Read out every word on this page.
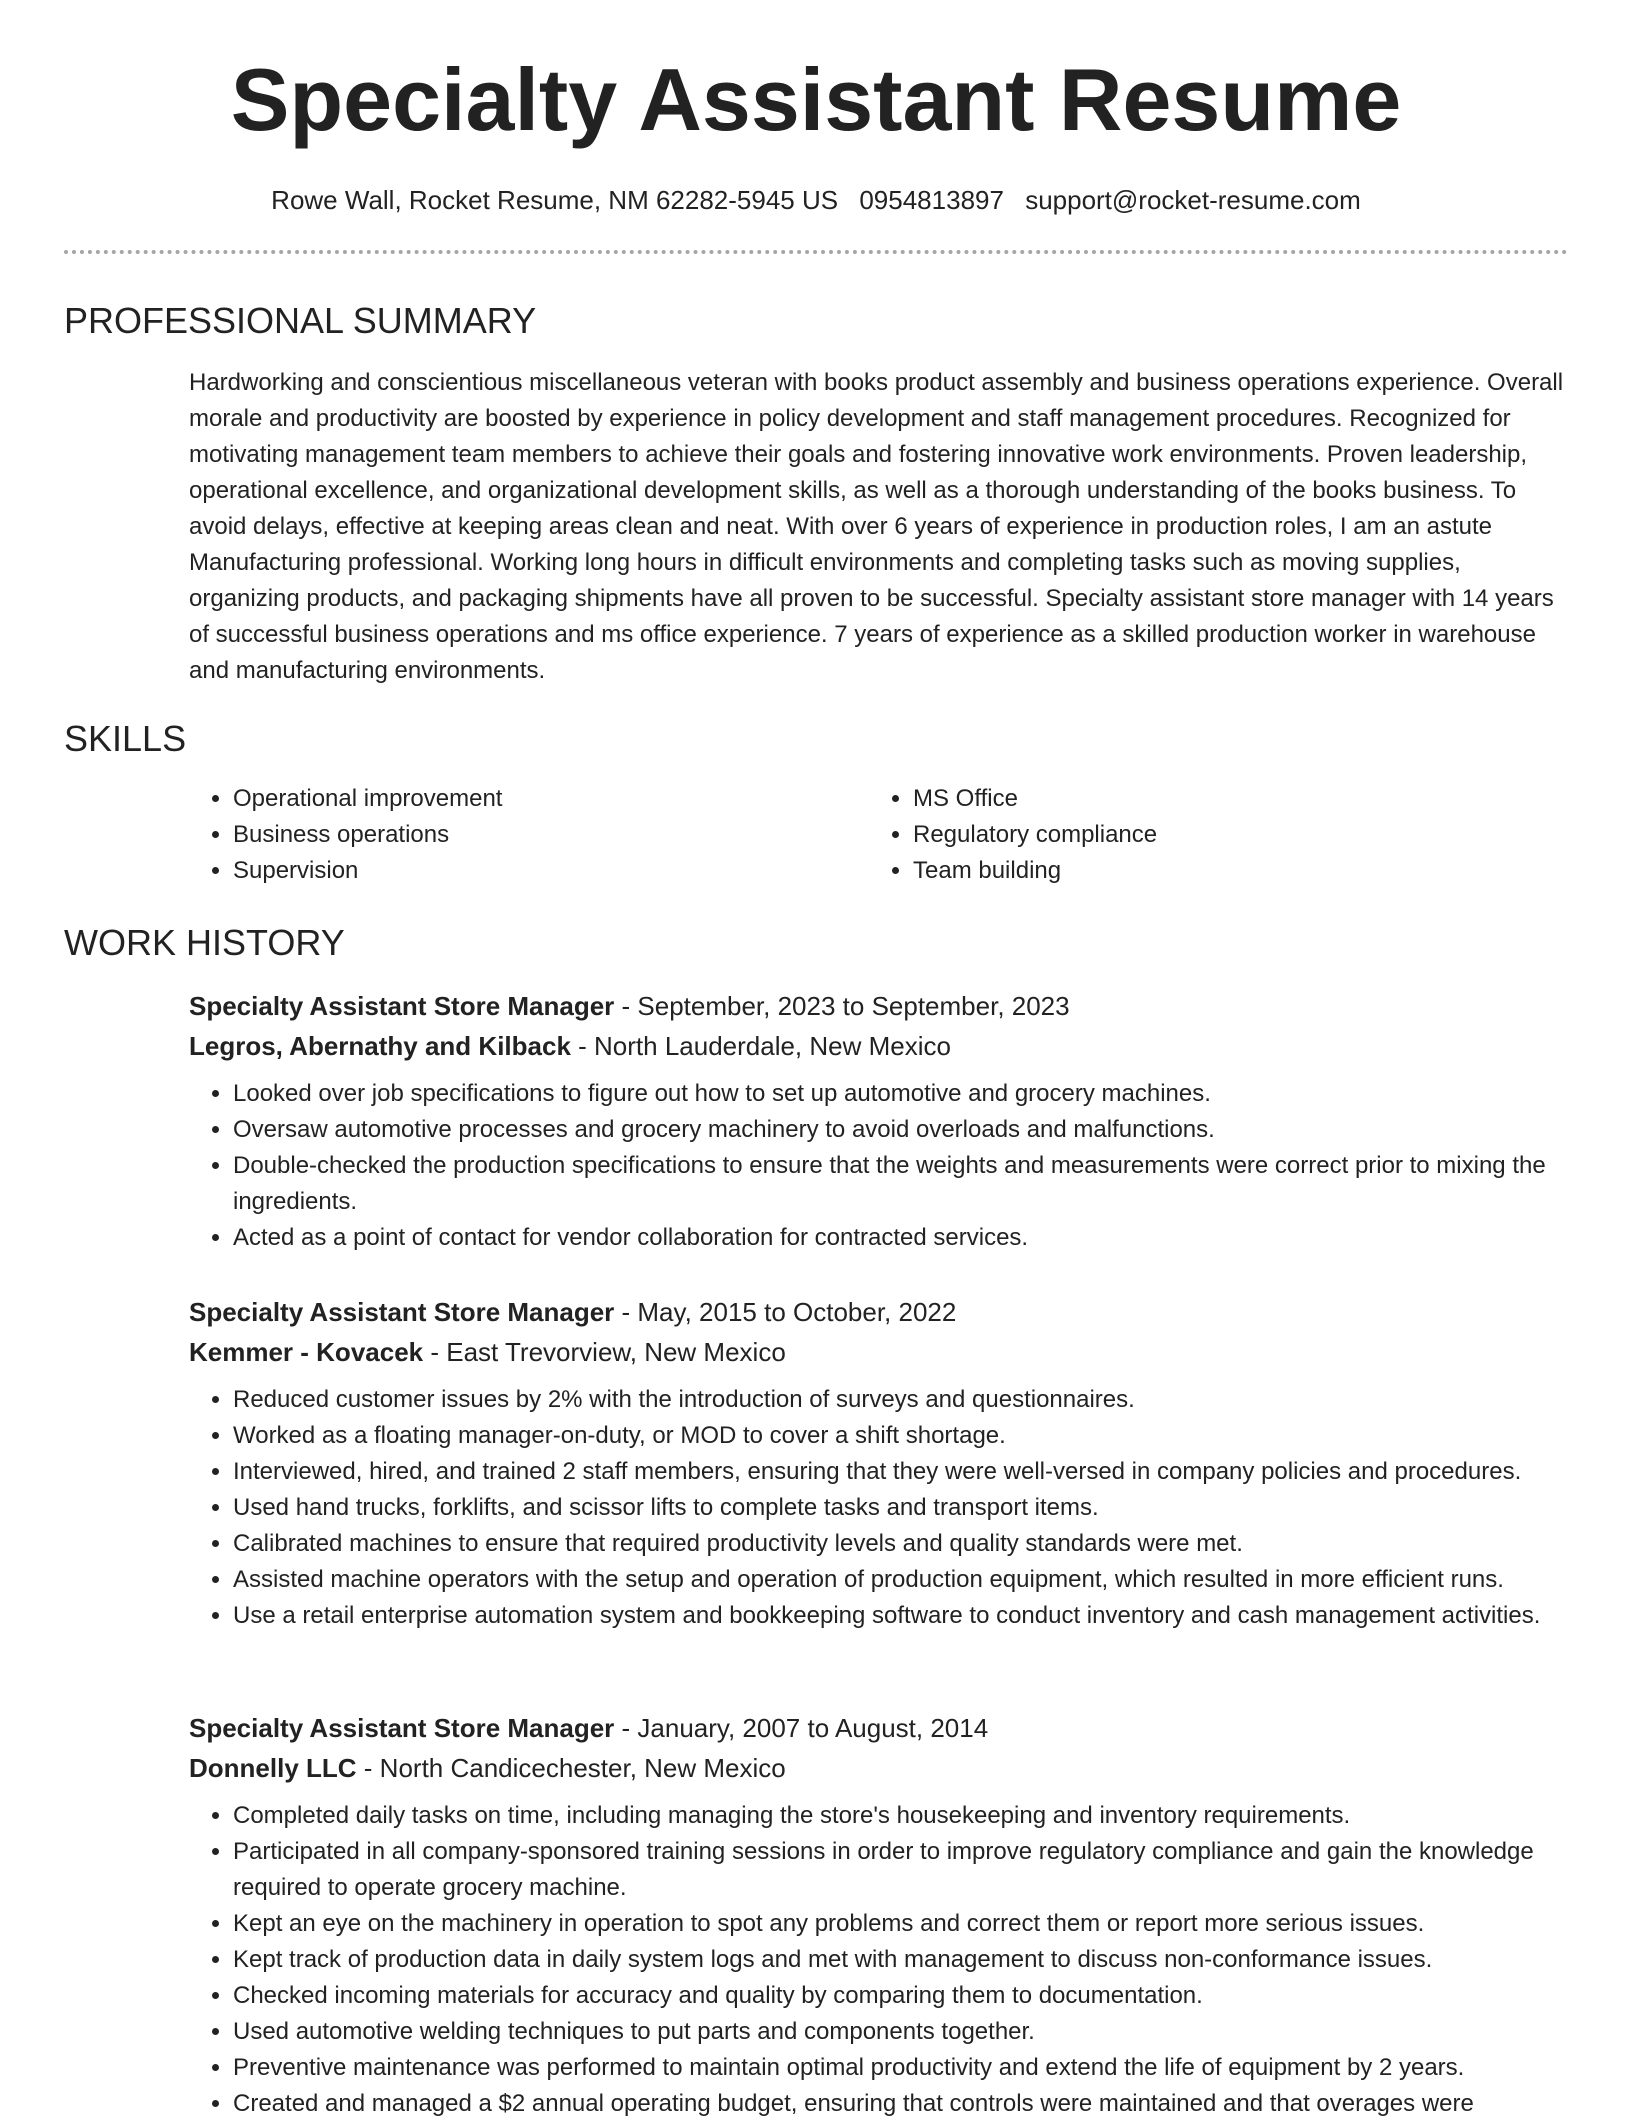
Specialty Assistant Resume
Rowe Wall, Rocket Resume, NM 62282-5945 US 0954813897 support@rocket-resume.com
PROFESSIONAL SUMMARY

Hardworking and conscientious miscellaneous veteran with books product assembly and business operations experience. Overall morale and productivity are boosted by experience in policy development and staff management procedures. Recognized for motivating management team members to achieve their goals and fostering innovative work environments. Proven leadership, operational excellence, and organizational development skills, as well as a thorough understanding of the books business. To avoid delays, effective at keeping areas clean and neat. With over 6 years of experience in production roles, I am an astute Manufacturing professional. Working long hours in difficult environments and completing tasks such as moving supplies, organizing products, and packaging shipments have all proven to be successful. Specialty assistant store manager with 14 years of successful business operations and ms office experience. 7 years of experience as a skilled production worker in warehouse and manufacturing environments.

SKILLS
• Operational improvement
• Business operations
• Supervision
• MS Office
• Regulatory compliance
• Team building
WORK HISTORY

Specialty Assistant Store Manager - September, 2023 to September, 2023

Legros, Abernathy and Kilback - North Lauderdale, New Mexico

• Looked over job specifications to figure out how to set up automotive and grocery machines.
• Oversaw automotive processes and grocery machinery to avoid overloads and malfunctions.
• Double-checked the production specifications to ensure that the weights and measurements were correct prior to mixing the ingredients.
• Acted as a point of contact for vendor collaboration for contracted services.

Specialty Assistant Store Manager - May, 2015 to October, 2022

Kemmer - Kovacek - East Trevorview, New Mexico

• Reduced customer issues by 2% with the introduction of surveys and questionnaires.
• Worked as a floating manager-on-duty, or MOD to cover a shift shortage.
• Interviewed, hired, and trained 2 staff members, ensuring that they were well-versed in company policies and procedures.
• Used hand trucks, forklifts, and scissor lifts to complete tasks and transport items.
• Calibrated machines to ensure that required productivity levels and quality standards were met.
• Assisted machine operators with the setup and operation of production equipment, which resulted in more efficient runs.
• Use a retail enterprise automation system and bookkeeping software to conduct inventory and cash management activities.

Specialty Assistant Store Manager - January, 2007 to August, 2014

Donnelly LLC - North Candicechester, New Mexico

• Completed daily tasks on time, including managing the store's housekeeping and inventory requirements.
• Participated in all company-sponsored training sessions in order to improve regulatory compliance and gain the knowledge required to operate grocery machine.
• Kept an eye on the machinery in operation to spot any problems and correct them or report more serious issues.
• Kept track of production data in daily system logs and met with management to discuss non-conformance issues.
• Checked incoming materials for accuracy and quality by comparing them to documentation.
• Used automotive welding techniques to put parts and components together.
• Preventive maintenance was performed to maintain optimal productivity and extend the life of equipment by 2 years.
• Created and managed a $2 annual operating budget, ensuring that controls were maintained and that overages were
